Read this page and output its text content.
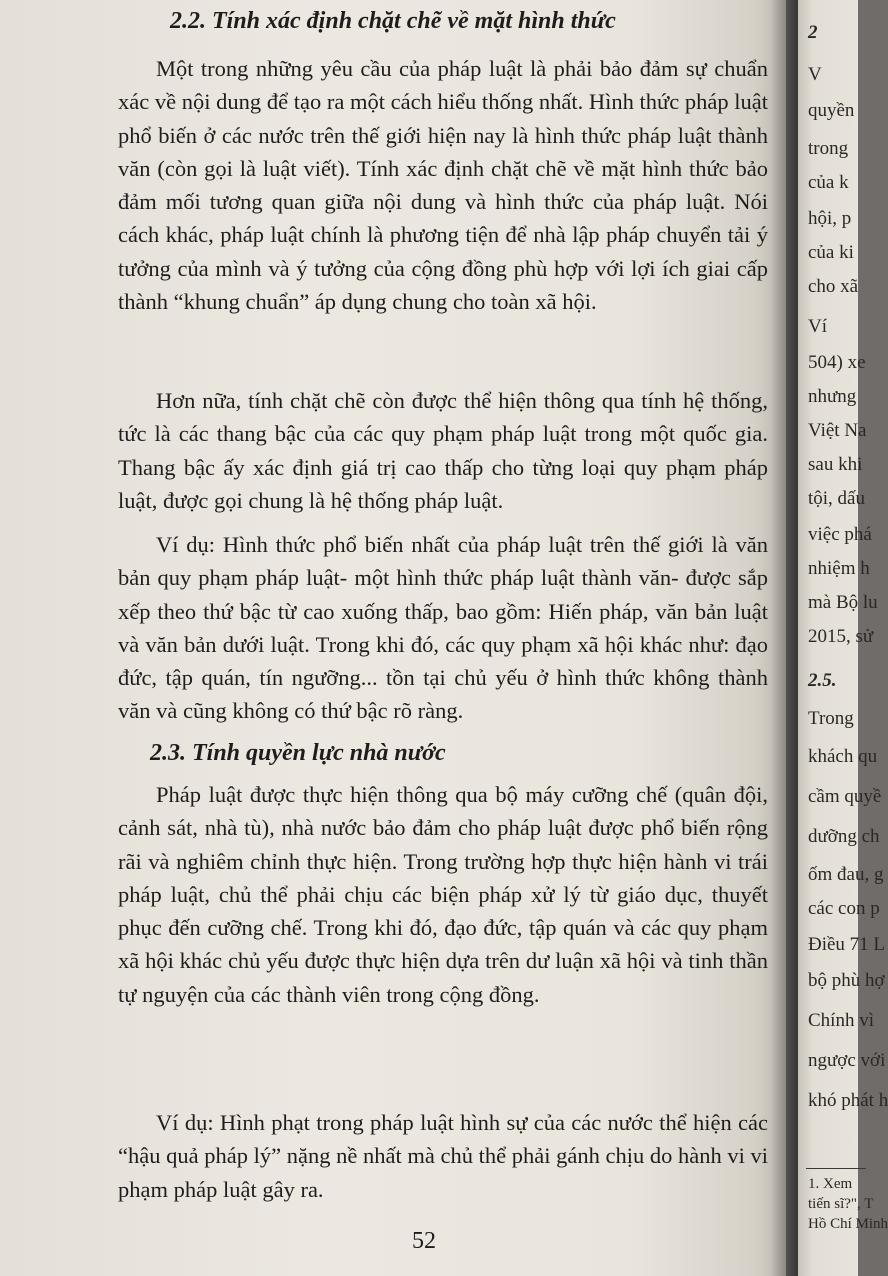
2.2. Tính xác định chặt chẽ về mặt hình thức

Một trong những yêu cầu của pháp luật là phải bảo đảm sự chuẩn xác về nội dung để tạo ra một cách hiểu thống nhất. Hình thức pháp luật phổ biến ở các nước trên thế giới hiện nay là hình thức pháp luật thành văn (còn gọi là luật viết). Tính xác định chặt chẽ về mặt hình thức bảo đảm mối tương quan giữa nội dung và hình thức của pháp luật. Nói cách khác, pháp luật chính là phương tiện để nhà lập pháp chuyển tải ý tưởng của mình và ý tưởng của cộng đồng phù hợp với lợi ích giai cấp thành “khung chuẩn” áp dụng chung cho toàn xã hội.

Hơn nữa, tính chặt chẽ còn được thể hiện thông qua tính hệ thống, tức là các thang bậc của các quy phạm pháp luật trong một quốc gia. Thang bậc ấy xác định giá trị cao thấp cho từng loại quy phạm pháp luật, được gọi chung là hệ thống pháp luật.

Ví dụ: Hình thức phổ biến nhất của pháp luật trên thế giới là văn bản quy phạm pháp luật- một hình thức pháp luật thành văn- được sắp xếp theo thứ bậc từ cao xuống thấp, bao gồm: Hiến pháp, văn bản luật và văn bản dưới luật. Trong khi đó, các quy phạm xã hội khác như: đạo đức, tập quán, tín ngưỡng... tồn tại chủ yếu ở hình thức không thành văn và cũng không có thứ bậc rõ ràng.

2.3. Tính quyền lực nhà nước

Pháp luật được thực hiện thông qua bộ máy cưỡng chế (quân đội, cảnh sát, nhà tù), nhà nước bảo đảm cho pháp luật được phổ biến rộng rãi và nghiêm chỉnh thực hiện. Trong trường hợp thực hiện hành vi trái pháp luật, chủ thể phải chịu các biện pháp xử lý từ giáo dục, thuyết phục đến cưỡng chế. Trong khi đó, đạo đức, tập quán và các quy phạm xã hội khác chủ yếu được thực hiện dựa trên dư luận xã hội và tinh thần tự nguyện của các thành viên trong cộng đồng.

Ví dụ: Hình phạt trong pháp luật hình sự của các nước thể hiện các “hậu quả pháp lý” nặng nề nhất mà chủ thể phải gánh chịu do hành vi vi phạm pháp luật gây ra.

52
2
V
quyền
trong
của k
hội, p
của ki
cho xã
Ví
504) xe
nhưng
Việt Na
sau khi
tội, dấu
việc phá
nhiệm h
mà Bộ lu
2015, sử
2.5.
Trong
khách qu
cầm quyề
dưỡng ch
ốm đau, g
các con p
Điều 71 L
bộ phù hợ
Chính vì
ngược với
khó phát h
1. Xem
tiến sĩ?", T
Hồ Chí Minh
